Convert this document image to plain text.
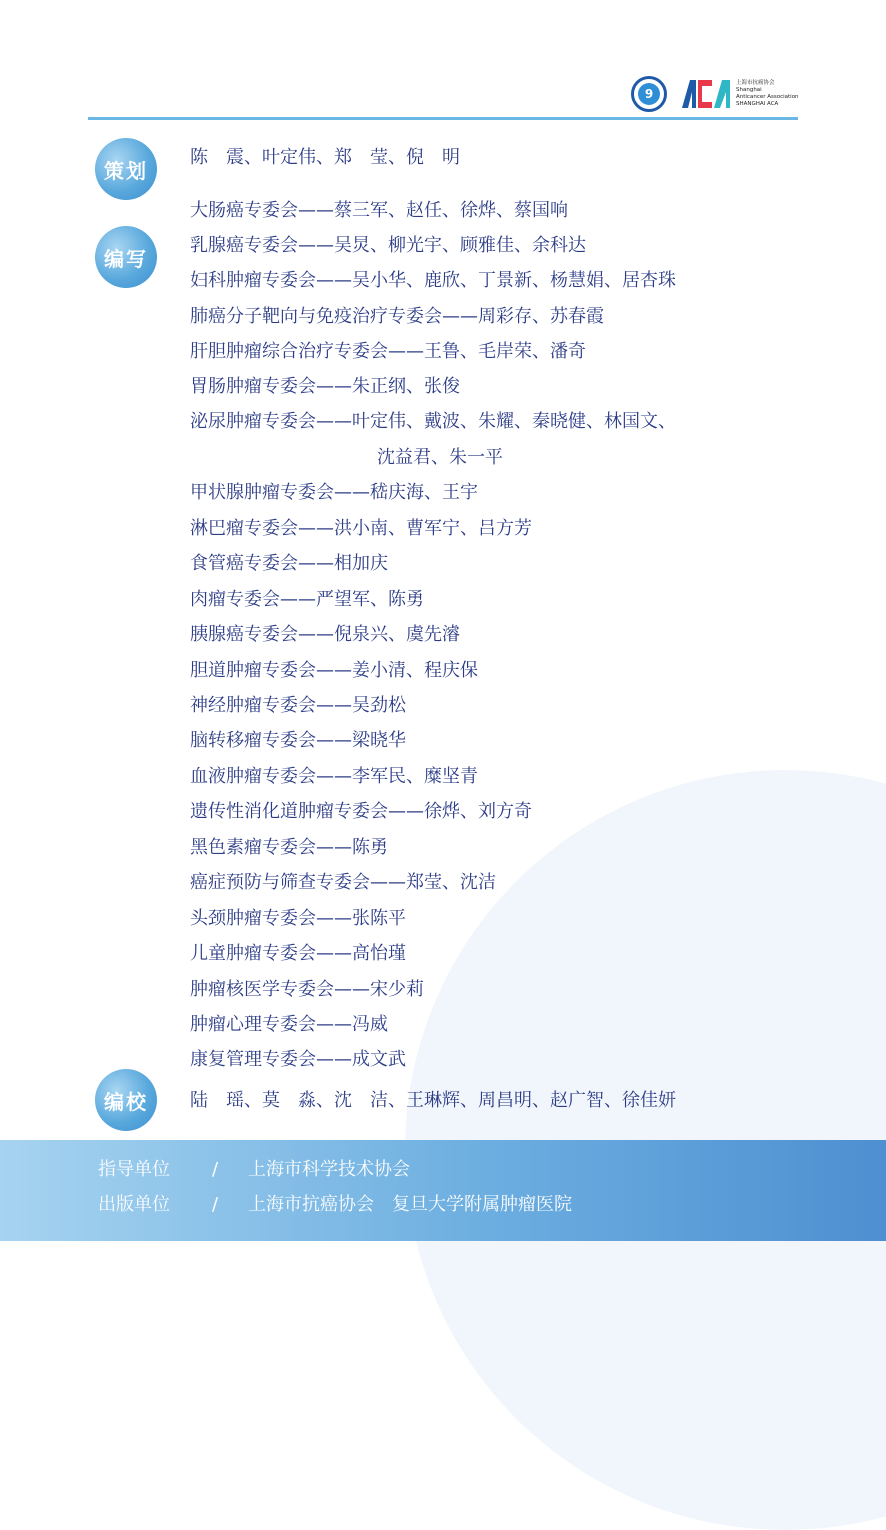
9
上海市抗癌协会
Shanghai
Anticancer Association
SHANGHAI ACA
策划
编写
编校
陈　震、叶定伟、郑　莹、倪　明
大肠癌专委会——蔡三军、赵任、徐烨、蔡国响
乳腺癌专委会——吴炅、柳光宇、顾雅佳、余科达
妇科肿瘤专委会——吴小华、鹿欣、丁景新、杨慧娟、居杏珠
肺癌分子靶向与免疫治疗专委会——周彩存、苏春霞
肝胆肿瘤综合治疗专委会——王鲁、毛岸荣、潘奇
胃肠肿瘤专委会——朱正纲、张俊
泌尿肿瘤专委会——叶定伟、戴波、朱耀、秦晓健、林国文、
沈益君、朱一平
甲状腺肿瘤专委会——嵇庆海、王宇
淋巴瘤专委会——洪小南、曹军宁、吕方芳
食管癌专委会——相加庆
肉瘤专委会——严望军、陈勇
胰腺癌专委会——倪泉兴、虞先濬
胆道肿瘤专委会——姜小清、程庆保
神经肿瘤专委会——吴劲松
脑转移瘤专委会——梁晓华
血液肿瘤专委会——李军民、糜坚青
遗传性消化道肿瘤专委会——徐烨、刘方奇
黑色素瘤专委会——陈勇
癌症预防与筛查专委会——郑莹、沈洁
头颈肿瘤专委会——张陈平
儿童肿瘤专委会——高怡瑾
肿瘤核医学专委会——宋少莉
肿瘤心理专委会——冯威
康复管理专委会——成文武
陆　瑶、莫　淼、沈　洁、王琳辉、周昌明、赵广智、徐佳妍
指导单位 / 上海市科学技术协会
出版单位 / 上海市抗癌协会 复旦大学附属肿瘤医院
